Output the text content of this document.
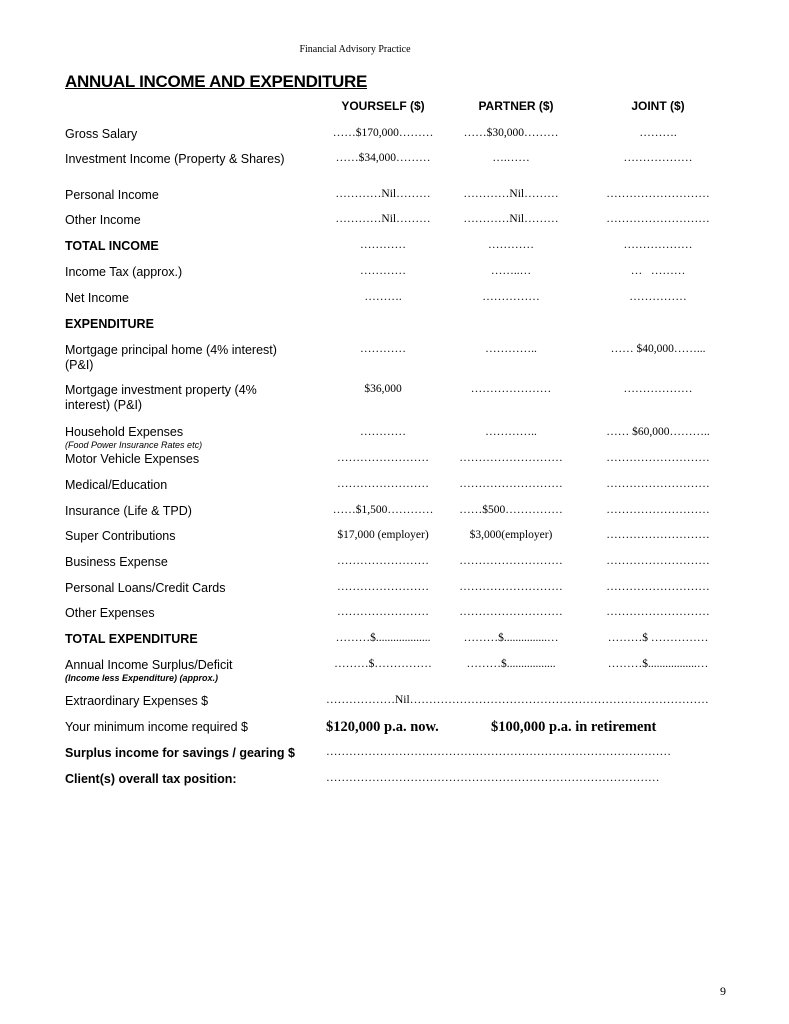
Financial Advisory Practice
ANNUAL INCOME AND EXPENDITURE
YOURSELF ($)	PARTNER ($)	JOINT ($)
Gross Salary	……$170,000………	……$30,000………	……….
Investment Income (Property & Shares)	……$34,000………	….……	………………
Personal Income	…………Nil………	…………Nil………	………………………
Other Income	…………Nil………	…………Nil………	………………………
TOTAL INCOME	…………	…………	………………
Income Tax (approx.)	…………	……..…	…   ………
Net Income	……….	……………	……………
EXPENDITURE
Mortgage principal home (4% interest)
(P&I)
…………	…………..	…… $40,000……...
Mortgage investment property (4%
interest) (P&I)
$36,000	…………………	………………
Household Expenses
(Food Power Insurance Rates etc)
…………	…………..	…… $60,000………..
Motor Vehicle Expenses	……………………	………………………	………………………
Medical/Education	……………………	………………………	………………………
Insurance (Life & TPD)	……$1,500…………	……$500……………	………………………
Super Contributions	$17,000 (employer)	$3,000(employer)	………………………
Business Expense	……………………	………………………	………………………
Personal Loans/Credit Cards	……………………	………………………	………………………
Other Expenses	……………………	………………………	………………………
TOTAL EXPENDITURE	………$...................	………$...............…	………$ ……………
Annual Income Surplus/Deficit
(Income less Expenditure) (approx.)
………$……………	………$.................	………$.................…
Extraordinary Expenses $	………………Nil……………………………………………………………………
Your minimum income required $	$120,000 p.a. now.	$100,000 p.a. in retirement
Surplus income for savings / gearing $	………………………………………………………………………………
Client(s) overall tax position:	……………………………………………………………………………
9
